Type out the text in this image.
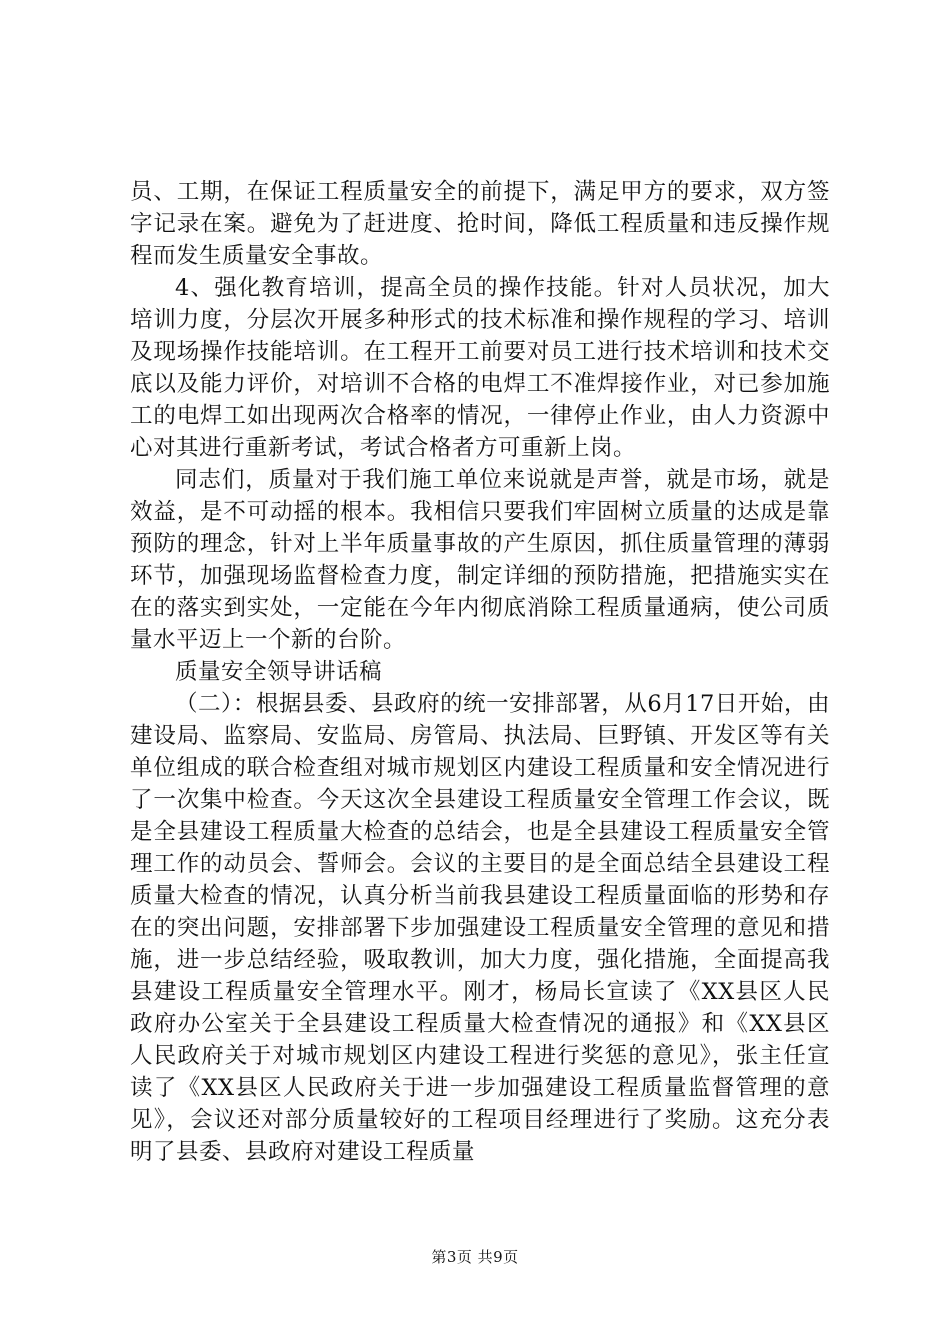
员、工期，在保证工程质量安全的前提下，满足甲方的要求，双方签字记录在案。避免为了赶进度、抢时间，降低工程质量和违反操作规程而发生质量安全事故。

4、强化教育培训，提高全员的操作技能。针对人员状况，加大培训力度，分层次开展多种形式的技术标准和操作规程的学习、培训及现场操作技能培训。在工程开工前要对员工进行技术培训和技术交底以及能力评价，对培训不合格的电焊工不准焊接作业，对已参加施工的电焊工如出现两次合格率的情况，一律停止作业，由人力资源中心对其进行重新考试，考试合格者方可重新上岗。

同志们，质量对于我们施工单位来说就是声誉，就是市场，就是效益，是不可动摇的根本。我相信只要我们牢固树立质量的达成是靠预防的理念，针对上半年质量事故的产生原因，抓住质量管理的薄弱环节，加强现场监督检查力度，制定详细的预防措施，把措施实实在在的落实到实处，一定能在今年内彻底消除工程质量通病，使公司质量水平迈上一个新的台阶。

质量安全领导讲话稿

（二）：根据县委、县政府的统一安排部署，从6月17日开始，由建设局、监察局、安监局、房管局、执法局、巨野镇、开发区等有关单位组成的联合检查组对城市规划区内建设工程质量和安全情况进行了一次集中检查。今天这次全县建设工程质量安全管理工作会议，既是全县建设工程质量大检查的总结会，也是全县建设工程质量安全管理工作的动员会、誓师会。会议的主要目的是全面总结全县建设工程质量大检查的情况，认真分析当前我县建设工程质量面临的形势和存在的突出问题，安排部署下步加强建设工程质量安全管理的意见和措施，进一步总结经验，吸取教训，加大力度，强化措施，全面提高我县建设工程质量安全管理水平。刚才，杨局长宣读了《XX县区人民政府办公室关于全县建设工程质量大检查情况的通报》和《XX县区人民政府关于对城市规划区内建设工程进行奖惩的意见》，张主任宣读了《XX县区人民政府关于进一步加强建设工程质量监督管理的意见》，会议还对部分质量较好的工程项目经理进行了奖励。这充分表明了县委、县政府对建设工程质量

第3页 共9页
